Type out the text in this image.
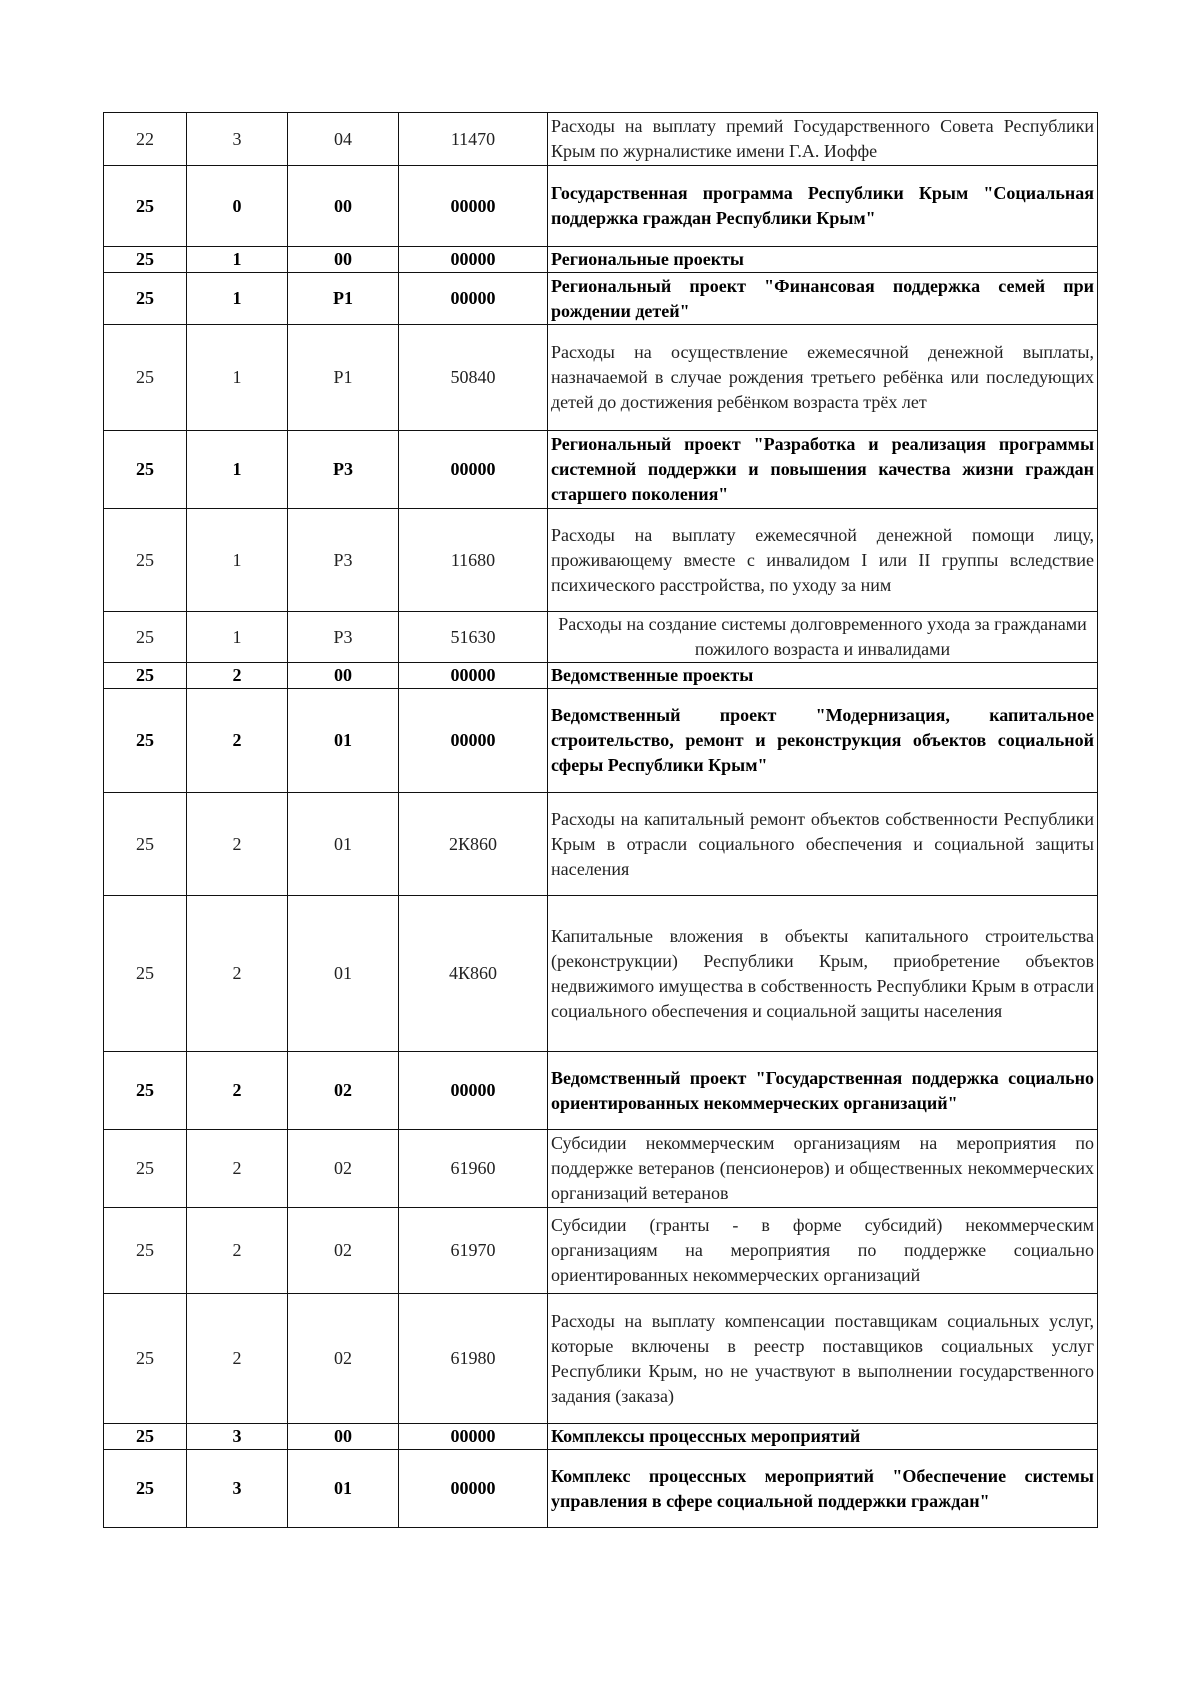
22	3	04	11470	Расходы на выплату премий Государственного Совета Республики Крым по журналистике имени Г.А. Иоффе
25	0	00	00000	Государственная программа Республики Крым "Социальная поддержка граждан Республики Крым"
25	1	00	00000	Региональные проекты
25	1	Р1	00000	Региональный проект "Финансовая поддержка семей при рождении детей"
25	1	Р1	50840	Расходы на осуществление ежемесячной денежной выплаты, назначаемой в случае рождения третьего ребёнка или последующих детей до достижения ребёнком возраста трёх лет
25	1	Р3	00000	Региональный проект "Разработка и реализация программы системной поддержки и повышения качества жизни граждан старшего поколения"
25	1	Р3	11680	Расходы на выплату ежемесячной денежной помощи лицу, проживающему вместе с инвалидом I или II группы вследствие психического расстройства, по уходу за ним
25	1	Р3	51630	Расходы на создание системы долговременного ухода за гражданами пожилого возраста и инвалидами
25	2	00	00000	Ведомственные проекты
25	2	01	00000	Ведомственный проект "Модернизация, капитальное строительство, ремонт и реконструкция объектов социальной сферы Республики Крым"
25	2	01	2К860	Расходы на капитальный ремонт объектов собственности Республики Крым в отрасли социального обеспечения и социальной защиты населения
25	2	01	4К860	Капитальные вложения в объекты капитального строительства (реконструкции) Республики Крым, приобретение объектов недвижимого имущества в собственность Республики Крым в отрасли социального обеспечения и социальной защиты населения
25	2	02	00000	Ведомственный проект "Государственная поддержка социально ориентированных некоммерческих организаций"
25	2	02	61960	Субсидии некоммерческим организациям на мероприятия по поддержке ветеранов (пенсионеров) и общественных некоммерческих организаций ветеранов
25	2	02	61970	Субсидии (гранты - в форме субсидий) некоммерческим организациям на мероприятия по поддержке социально ориентированных некоммерческих организаций
25	2	02	61980	Расходы на выплату компенсации поставщикам социальных услуг, которые включены в реестр поставщиков социальных услуг Республики Крым, но не участвуют в выполнении государственного задания (заказа)
25	3	00	00000	Комплексы процессных мероприятий
25	3	01	00000	Комплекс процессных мероприятий "Обеспечение системы управления в сфере социальной поддержки граждан"
